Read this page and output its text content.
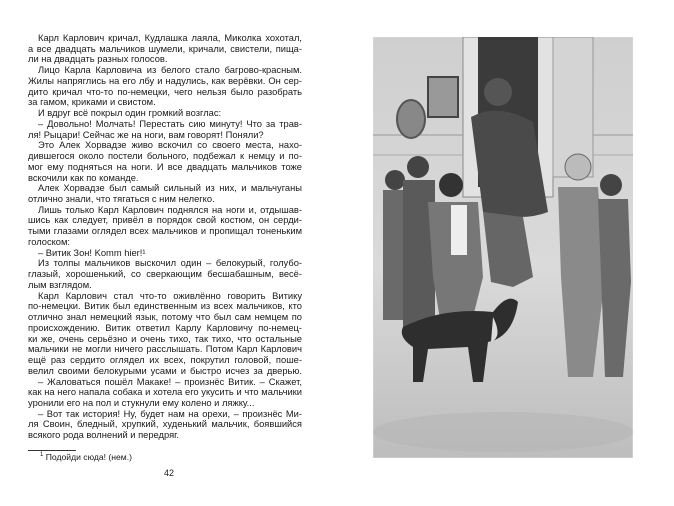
Карл Карлович кричал, Кудлашка лаяла, Миколка хохотал,
а все двадцать мальчиков шумели, кричали, свистели, пища-
ли на двадцать разных голосов.
Лицо Карла Карловича из белого стало багрово-красным.
Жилы напряглись на его лбу и надулись, как верёвки. Он сер-
дито кричал что-то по-немецки, чего нельзя было разобрать
за гамом, криками и свистом.
И вдруг всё покрыл один громкий возглас:
– Довольно! Молчать! Перестать сию минуту! Что за трав-
ля! Рыцари! Сейчас же на ноги, вам говорят! Поняли?
Это Алек Хорвадзе живо вскочил со своего места, нахо-
дившегося около постели больного, подбежал к немцу и по-
мог ему подняться на ноги. И все двадцать мальчиков тоже
вскочили как по команде.
Алек Хорвадзе был самый сильный из них, и мальчуганы
отлично знали, что тягаться с ним нелегко.
Лишь только Карл Карлович поднялся на ноги и, отдышав-
шись как следует, привёл в порядок свой костюм, он серди-
тыми глазами оглядел всех мальчиков и пропищал тоненьким
голоском:
– Витик Зон! Komm hier!¹
Из толпы мальчиков выскочил один – белокурый, голубо-
глазый, хорошенький, со сверкающим бесшабашным, весё-
лым взглядом.
Карл Карлович стал что-то оживлённо говорить Витику
по-немецки. Витик был единственным из всех мальчиков, кто
отлично знал немецкий язык, потому что был сам немцем по
происхождению. Витик ответил Карлу Карловичу по-немец-
ки же, очень серьёзно и очень тихо, так тихо, что остальные
мальчики не могли ничего расслышать. Потом Карл Карлович
ещё раз сердито оглядел их всех, покрутил головой, поше-
велил своими белокурыми усами и быстро исчез за дверью.
– Жаловаться пошёл Макаке! – произнёс Витик. – Скажет,
как на него напала собака и хотела его укусить и что мальчики
уронили его на пол и стукнули ему колено и ляжку...
– Вот так история! Ну, будет нам на орехи, – произнёс Ми-
ля Своин, бледный, хрупкий, худенький мальчик, боявшийся
всякого рода волнений и передряг.
$^1$ Подойди сюда! (нем.)
42
